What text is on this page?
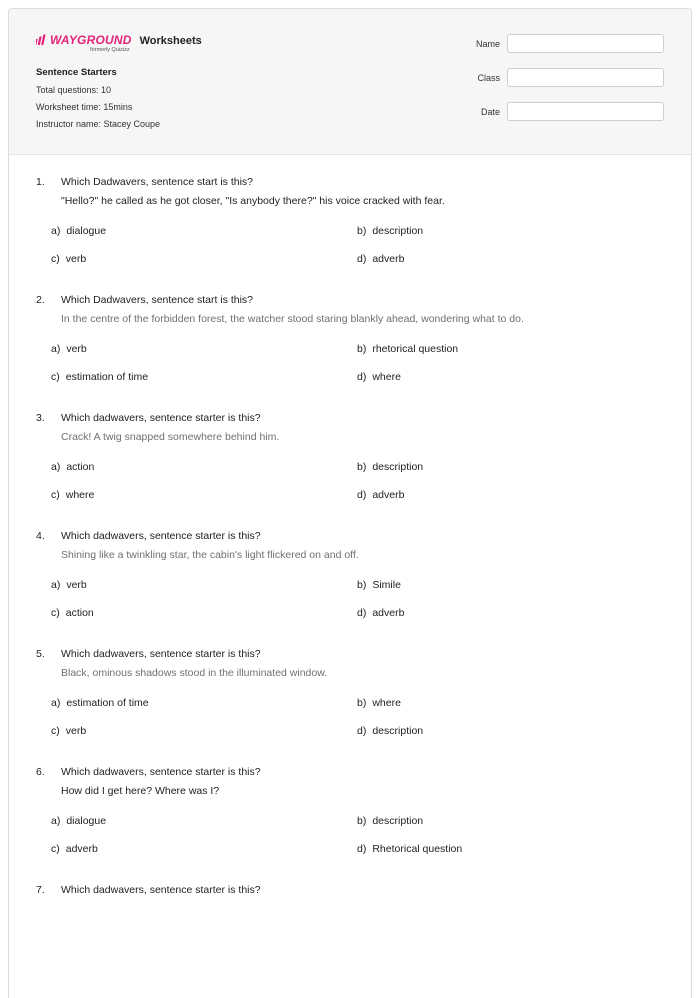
WAYGROUND
formerly Quizizz
Worksheets
Sentence Starters
Total questions: 10
Worksheet time: 15mins
Instructor name: Stacey Coupe
Name
Class
Date
1.	Which Dadwavers, sentence start is this?
"Hello?" he called as he got closer, "Is anybody there?" his voice cracked with fear.
a) dialogue	b) description
c) verb	d) adverb
2.	Which Dadwavers, sentence start is this?
In the centre of the forbidden forest, the watcher stood staring blankly ahead, wondering what to do.
a) verb	b) rhetorical question
c) estimation of time	d) where
3.	Which dadwavers, sentence starter is this?
Crack! A twig snapped somewhere behind him.
a) action	b) description
c) where	d) adverb
4.	Which dadwavers, sentence starter is this?
Shining like a twinkling star, the cabin's light flickered on and off.
a) verb	b) Simile
c) action	d) adverb
5.	Which dadwavers, sentence starter is this?
Black, ominous shadows stood in the illuminated window.
a) estimation of time	b) where
c) verb	d) description
6.	Which dadwavers, sentence starter is this?
How did I get here? Where was I?
a) dialogue	b) description
c) adverb	d) Rhetorical question
7.	Which dadwavers, sentence starter is this?
